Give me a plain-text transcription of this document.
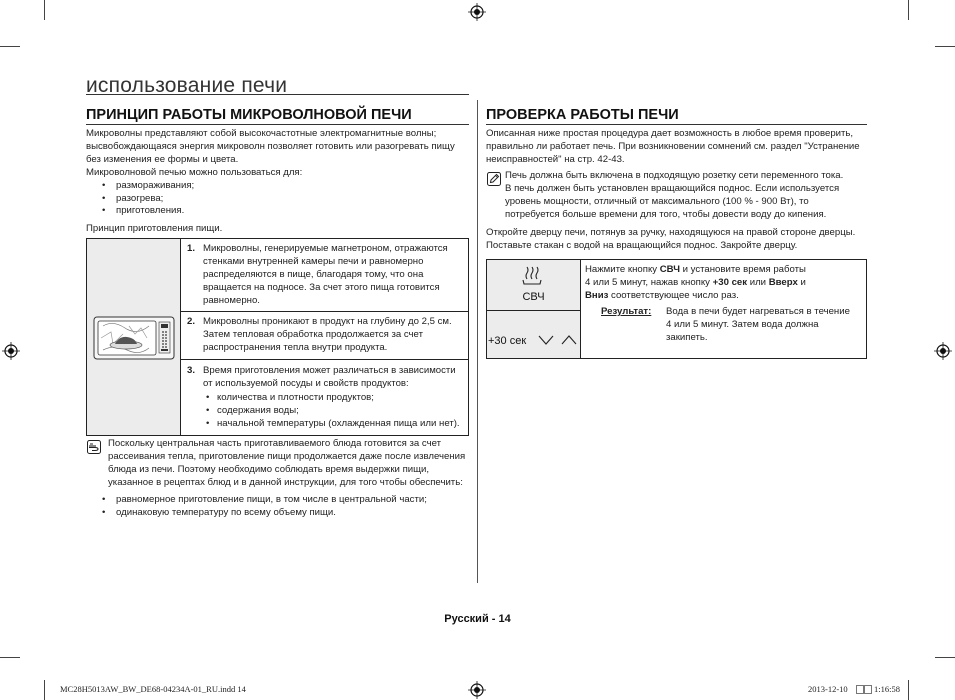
использование печи
ПРИНЦИП РАБОТЫ МИКРОВОЛНОВОЙ ПЕЧИ

Микроволны представляют собой высокочастотные электромагнитные волны;

высвобождающаяся энергия микроволн позволяет готовить или разогревать пищу

без изменения ее формы и цвета.

Микроволновой печью можно пользоваться для:

• размораживания;
• разогрева;
• приготовления.
Принцип приготовления пищи.
1. Микроволны, генерируемые магнетроном, отражаются
стенками внутренней камеры печи и равномерно
распределяются в пище, благодаря тому, что она
вращается на подносе. За счет этого пища готовится
равномерно.
2. Микроволны проникают в продукт на глубину до 2,5 см.
Затем тепловая обработка продолжается за счет
распространения тепла внутри продукта.
3. Время приготовления может различаться в зависимости
от используемой посуды и свойств продуктов:
• количества и плотности продуктов;
• содержания воды;
• начальной температуры (охлажденная пища или нет).

Поскольку центральная часть приготавливаемого блюда готовится за счет

рассеивания тепла, приготовление пищи продолжается даже после извлечения

блюда из печи. Поэтому необходимо соблюдать время выдержки пищи,

указанное в рецептах блюд и в данной инструкции, для того чтобы обеспечить:

• равномерное приготовление пищи, в том числе в центральной части;
• одинаковую температуру по всему объему пищи.
ПРОВЕРКА РАБОТЫ ПЕЧИ

Описанная ниже простая процедура дает возможность в любое время проверить,

правильно ли работает печь. При возникновении сомнений см. раздел "Устранение

неисправностей" на стр. 42-43.

Печь должна быть включена в подходящую розетку сети переменного тока.

В печь должен быть установлен вращающийся поднос. Если используется

уровень мощности, отличный от максимального (100 % - 900 Вт), то

потребуется больше времени для того, чтобы довести воду до кипения.

Откройте дверцу печи, потянув за ручку, находящуюся на правой стороне дверцы.

Поставьте стакан с водой на вращающийся поднос. Закройте дверцу.

СВЧ
+30 сек
Нажмите кнопку СВЧ и установите время работы
4 или 5 минут, нажав кнопку +30 сек или Вверх и
Вниз соответствующее число раз.
Результат: Вода в печи будет нагреваться в течение
4 или 5 минут. Затем вода должна
закипеть.
Русский - 14
MC28H5013AW_BW_DE68-04234A-01_RU.indd 14	2013-12-10	1:16:58
